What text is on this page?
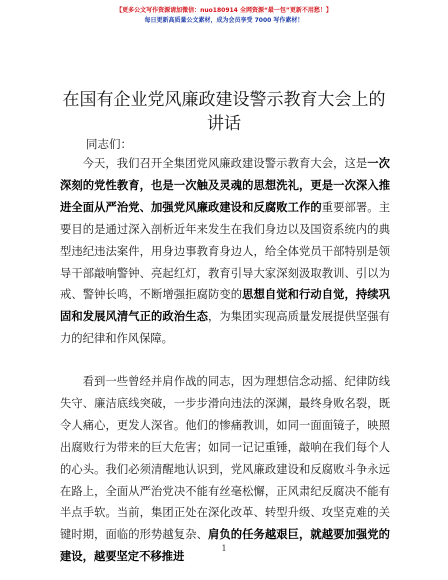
【更多公文写作资源请加微信：nuo180914 全网资源“最一包”更新不用愁！】
每日更新高质量公文素材，成为会员享受 7000 写作素材！
在国有企业党风廉政建设警示教育大会上的讲话
同志们：
今天，我们召开全集团党风廉政建设警示教育大会，这是一次深刻的党性教育，也是一次触及灵魂的思想洗礼，更是一次深入推进全面从严治党、加强党风廉政建设和反腐败工作的重要部署。主要目的是通过深入剖析近年来发生在我们身边以及国资系统内的典型违纪违法案件，用身边事教育身边人，给全体党员干部特别是领导干部敲响警钟、亮起红灯，教育引导大家深刻汲取教训、引以为戒、警钟长鸣，不断增强拒腐防变的思想自觉和行动自觉，持续巩固和发展风清气正的政治生态，为集团实现高质量发展提供坚强有力的纪律和作风保障。
看到一些曾经并肩作战的同志，因为理想信念动摇、纪律防线失守、廉洁底线突破，一步步滑向违法的深渊，最终身败名裂，既令人痛心，更发人深省。他们的惨痛教训，如同一面面镜子，映照出腐败行为带来的巨大危害；如同一记记重锤，敲响在我们每个人的心头。我们必须清醒地认识到，党风廉政建设和反腐败斗争永远在路上，全面从严治党决不能有丝毫松懈，正风肃纪反腐决不能有半点手软。当前，集团正处在深化改革、转型升级、攻坚克难的关键时期，面临的形势越复杂、肩负的任务越艰巨，就越要加强党的建设，越要坚定不移推进
1
